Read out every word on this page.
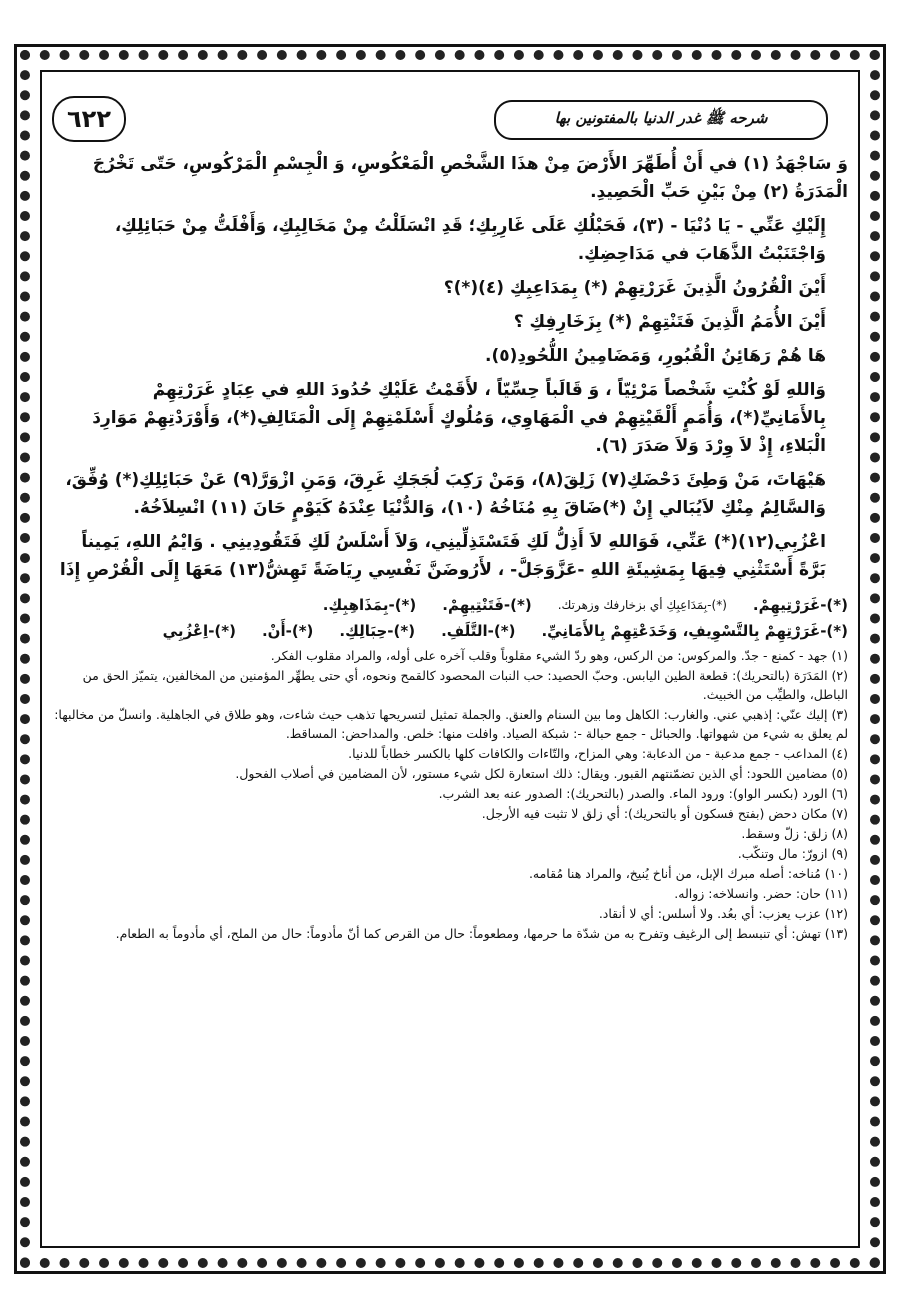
شرحه ﷺ غدر الدنيا بالمفتونين بها
٦٢٢

وَ سَاجْهَدُ (١) في أَنْ أُطَهِّرَ الأَرْضَ مِنْ هذَا الشَّخْصِ الْمَعْكُوسِ، وَ الْجِسْمِ الْمَرْكُوسِ، حَتّى تَخْرُجَ الْمَدَرَةُ (٢) مِنْ بَيْنِ حَبِّ الْحَصِيدِ.

إِلَيْكِ عَنِّي - يَا دُنْيَا - (٣)، فَحَبْلُكِ عَلَى غَارِبِكِ؛ قَدِ انْسَلَلْتُ مِنْ مَخَالِبِكِ، وَأَفْلَتُّ مِنْ حَبَائِلِكِ، وَاجْتَنَبْتُ الذَّهَابَ في مَدَاحِضِكِ.

أَيْنَ الْقُرُونُ الَّذِينَ غَرَرْتِهِمْ (*) بِمَدَاعِبِكِ (٤)(*)؟

أَيْنَ الأُمَمُ الَّذِينَ فَتَنْتِهِمْ (*) بِزَخَارِفِكِ ؟

هَا هُمْ رَهَائِنُ الْقُبُورِ، وَمَضَامِينُ اللُّحُودِ(٥).

وَاللهِ لَوْ كُنْتِ شَخْصاً مَرْئِيّاً ، وَ قَالَباً حِسِّيّاً ، لأَقَمْتُ عَلَيْكِ حُدُودَ اللهِ في عِبَادٍ غَرَرْتِهِمْ بِالأَمَانِيِّ(*)، وَأُمَمٍ أَلْقَيْتِهِمْ في الْمَهَاوِي، وَمُلُوكٍ أَسْلَمْتِهِمْ إِلَى الْمَتَالِفِ(*)، وَأَوْرَدْتِهِمْ مَوَارِدَ الْبَلاءِ، إِذْ لاَ وِرْدَ وَلاَ صَدَرَ (٦).

هَيْهَاتَ، مَنْ وَطِئَ دَحْضَكِ(٧) زَلِقَ(٨)، وَمَنْ رَكِبَ لُجَجَكِ غَرِقَ، وَمَنِ ازْوَرَّ(٩) عَنْ حَبَائِلِكِ(*) وُفِّقَ، وَالسَّالِمُ مِنْكِ لاَيُبَالي إِنْ (*)ضَاقَ بِهِ مُنَاخُهُ (١٠)، وَالدُّنْيَا عِنْدَهُ كَيَوْمٍ حَانَ (١١) انْسِلاَخُهُ.

اعْزُبِي(١٢)(*) عَنِّي، فَوَاللهِ لاَ أَذِلُّ لَكِ فَتَسْتَذِلِّينِي، وَلاَ أَسْلَسُ لَكِ فَتَقُودِينِي . وَايْمُ اللهِ، يَمِيناً بَرَّةً أَسْتَثْنِي فِيهَا بِمَشِيئَةِ اللهِ -عَزَّوَجَلَّ- ، لأَرُوضَنَّ نَفْسِي رِيَاضَةً تَهِشُّ(١٣) مَعَهَا إِلَى الْقُرْصِ إِذَا

(*)-غَرَرْتِيهِمْ.
(*)-بِمَدَاعِبِكِ أي بزخارفك وزهرتك.
(*)-فَتَنْتِيهِمْ.
(*)-بِمَذَاهِبِكِ.
(*)-غَرَرْتِهِمْ بِالتَّسْوِيفِ، وَخَدَعْتِهِمْ بِالأَمَانِيِّ.
(*)-التَّلَفِ.
(*)-حِبَالِكِ.
(*)-أَنْ.
(*)-اِعْزُبِي

(١) جهد - كمنع - جدّ. والمركوس: من الركس، وهو ردّ الشيء مقلوباً وقلب آخره على أوله، والمراد مقلوب الفكر.

(٢) المَدَرَة (بالتحريك): قطعة الطين اليابس. وحبّ الحصيد: حب النبات المحصود كالقمح ونحوه، أي حتى يطهِّر المؤمنين من المخالفين، يتميّز الحق من الباطل، والطيِّب من الخبيث.

(٣) إليك عنّي: إذهبي عني. والغارب: الكاهل وما بين السنام والعنق. والجملة تمثيل لتسريحها تذهب حيث شاءت، وهو طلاق في الجاهلية. وانسلّ من مخالبها: لم يعلق به شيء من شهواتها. والحبائل - جمع حبالة -: شبكة الصياد. وافلت منها: خلص. والمداحض: المساقط.

(٤) المداعب - جمع مدعبة - من الدعابة: وهي المزاح، والتّاءات والكافات كلها بالكسر خطاباً للدنيا.

(٥) مضامين اللحود: أي الذين تضمّنتهم القبور. ويقال: ذلك استعارة لكل شيء مستور، لأن المضامين في أصلاب الفحول.

(٦) الورد (بكسر الواو): ورود الماء. والصدر (بالتحريك): الصدور عنه بعد الشرب.

(٧) مكان دحض (بفتح فسكون أو بالتحريك): أي زلق لا تثبت فيه الأرجل.

(٨) زلق: زلّ وسقط.

(٩) ازورّ: مال وتنكّب.

(١٠) مُناخه: أصله مبرك الإبل، من أناخ يُنيخ، والمراد هنا مُقامه.

(١١) حان: حضر. وانسلاخه: زواله.

(١٢) عزب يعزب: أي بعُد. ولا أسلس: أي لا أنقاد.

(١٣) تهش: أي تنبسط إلى الرغيف وتفرح به من شدّة ما حرمها، ومطعوماً: حال من القرص كما أنّ مأدوماً: حال من الملح، أي مأدوماً به الطعام.
